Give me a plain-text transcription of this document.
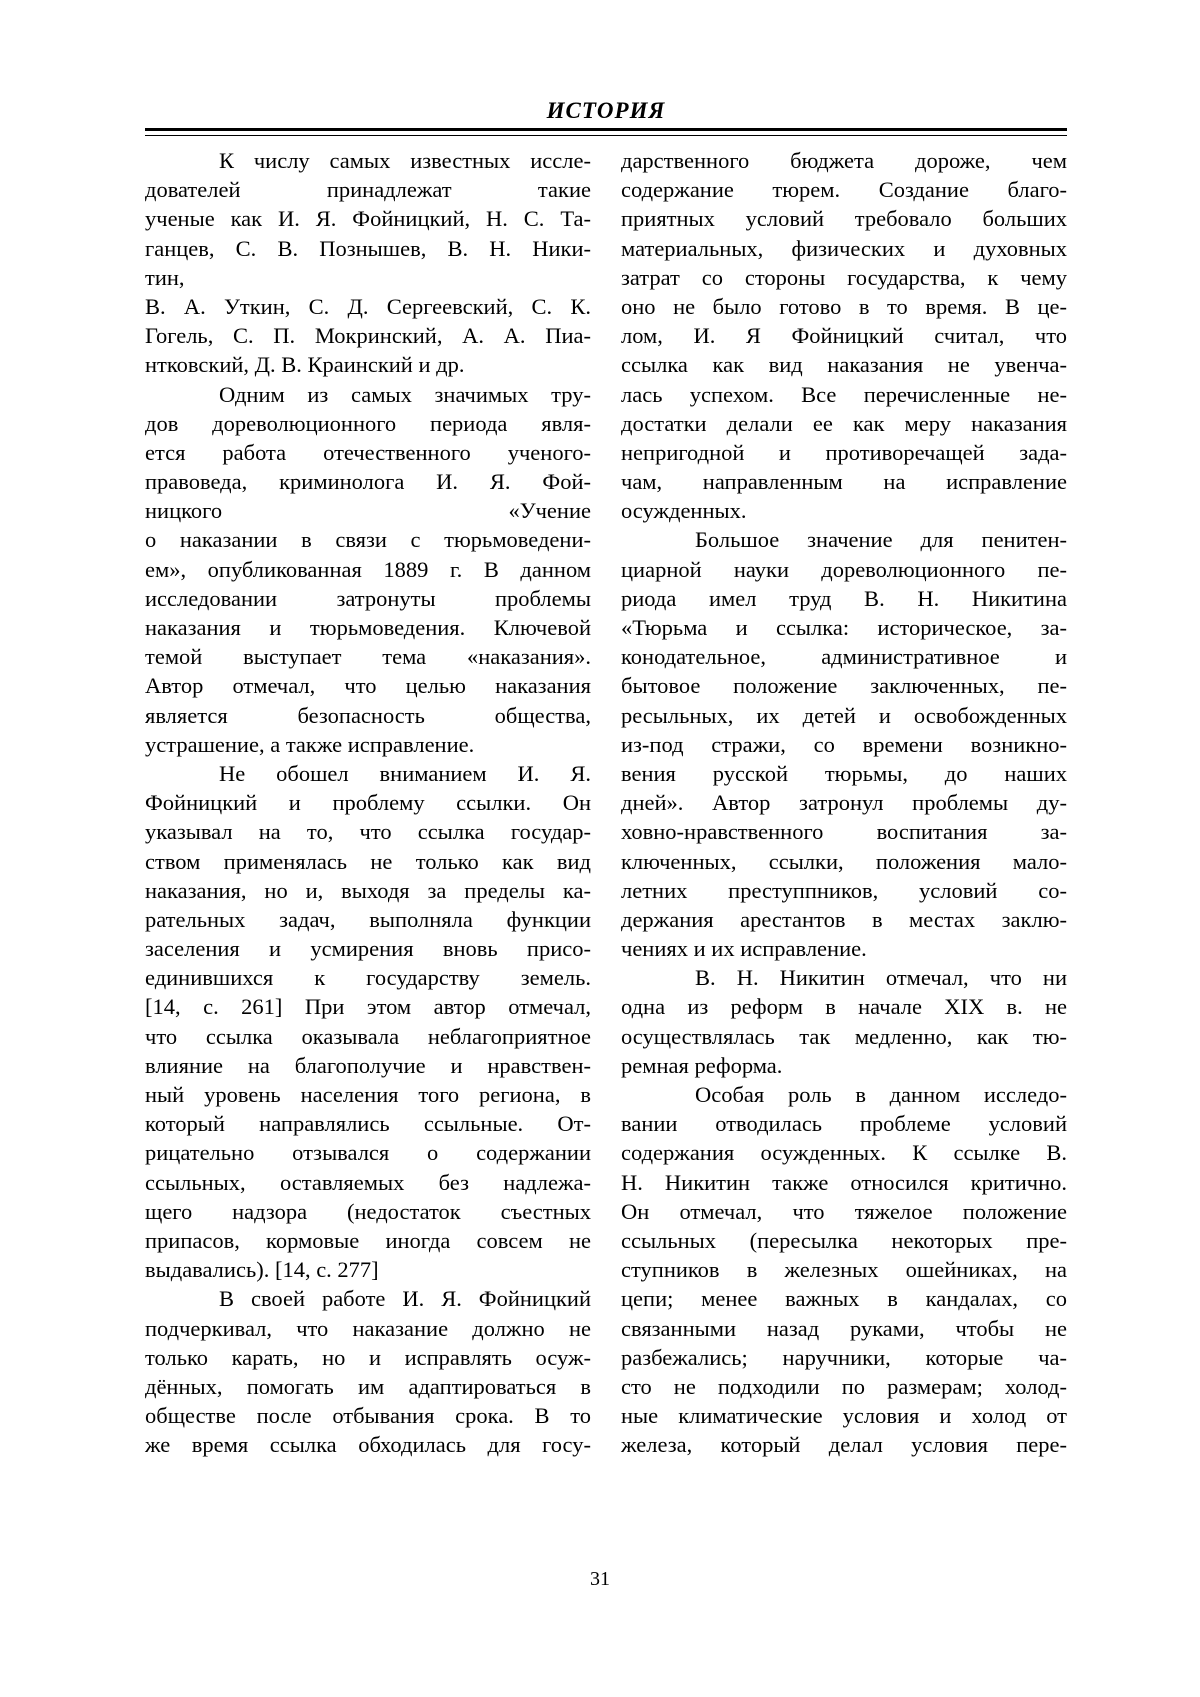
ИСТОРИЯ
К числу самых известных иссле-
дователей принадлежат такие
ученые как И. Я. Фойницкий, Н. С. Та-
ганцев, С. В. Познышев, В. Н. Ники-
тин,
В. А. Уткин, С. Д. Сергеевский, С. К.
Гогель, С. П. Мокринский, А. А. Пиа-
нтковский, Д. В. Краинский и др.
Одним из самых значимых тру-
дов дореволюционного периода явля-
ется работа отечественного ученого-
правоведа, криминолога И. Я. Фой-
ницкого «Учение
о наказании в связи с тюрьмоведени-
ем», опубликованная 1889 г. В данном
исследовании затронуты проблемы
наказания и тюрьмоведения. Ключевой
темой выступает тема «наказания».
Автор отмечал, что целью наказания
является безопасность общества,
устрашение, а также исправление.
Не обошел вниманием И. Я.
Фойницкий и проблему ссылки. Он
указывал на то, что ссылка государ-
ством применялась не только как вид
наказания, но и, выходя за пределы ка-
рательных задач, выполняла функции
заселения и усмирения вновь присо-
единившихся к государству земель.
[14, с. 261] При этом автор отмечал,
что ссылка оказывала неблагоприятное
влияние на благополучие и нравствен-
ный уровень населения того региона, в
который направлялись ссыльные. От-
рицательно отзывался о содержании
ссыльных, оставляемых без надлежа-
щего надзора (недостаток съестных
припасов, кормовые иногда совсем не
выдавались). [14, с. 277]
В своей работе И. Я. Фойницкий
подчеркивал, что наказание должно не
только карать, но и исправлять осуж-
дённых, помогать им адаптироваться в
обществе после отбывания срока. В то
же время ссылка обходилась для госу-
дарственного бюджета дороже, чем
содержание тюрем. Создание благо-
приятных условий требовало больших
материальных, физических и духовных
затрат со стороны государства, к чему
оно не было готово в то время. В це-
лом, И. Я Фойницкий считал, что
ссылка как вид наказания не увенча-
лась успехом. Все перечисленные не-
достатки делали ее как меру наказания
непригодной и противоречащей зада-
чам, направленным на исправление
осужденных.
Большое значение для пенитен-
циарной науки дореволюционного пе-
риода имел труд В. Н. Никитина
«Тюрьма и ссылка: историческое, за-
конодательное, административное и
бытовое положение заключенных, пе-
ресыльных, их детей и освобожденных
из-под стражи, со времени возникно-
вения русской тюрьмы, до наших
дней». Автор затронул проблемы ду-
ховно-нравственного воспитания за-
ключенных, ссылки, положения мало-
летних преступпников, условий со-
держания арестантов в местах заклю-
чениях и их исправление.
В. Н. Никитин отмечал, что ни
одна из реформ в начале XIX в. не
осуществлялась так медленно, как тю-
ремная реформа.
Особая роль в данном исследо-
вании отводилась проблеме условий
содержания осужденных. К ссылке В.
Н. Никитин также относился критично.
Он отмечал, что тяжелое положение
ссыльных (пересылка некоторых пре-
ступников в железных ошейниках, на
цепи; менее важных в кандалах, со
связанными назад руками, чтобы не
разбежались; наручники, которые ча-
сто не подходили по размерам; холод-
ные климатические условия и холод от
железа, который делал условия пере-
31
